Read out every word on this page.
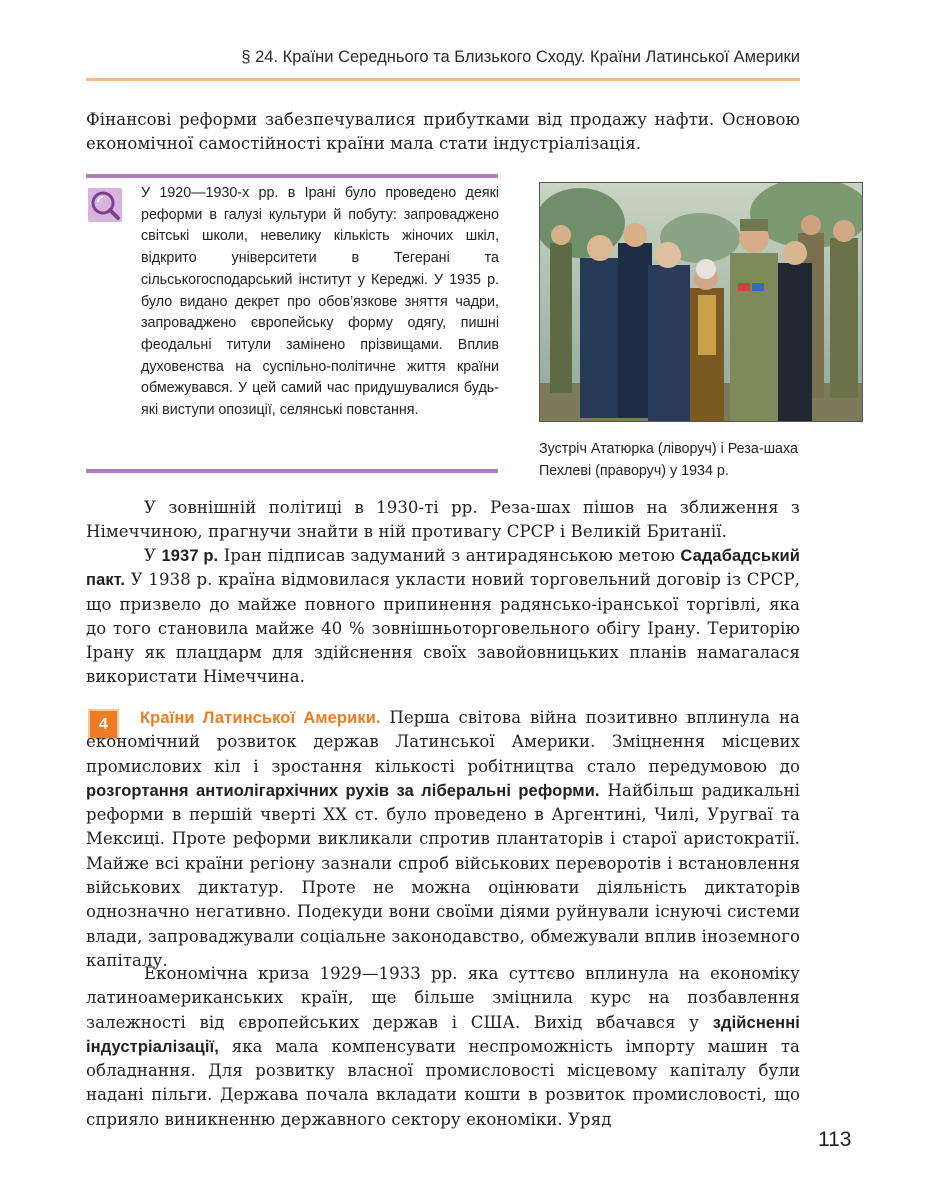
§ 24. Країни Середнього та Близького Сходу. Країни Латинської Америки
Фінансові реформи забезпечувалися прибутками від продажу нафти. Основою економічної самостійності країни мала стати індустріалізація.
У 1920—1930-х рр. в Ірані було проведено деякі реформи в галузі культури й побуту: запроваджено світські школи, невелику кількість жіночих шкіл, відкрито університети в Тегерані та сільськогосподарський інститут у Кереджі. У 1935 р. було видано декрет про обов’язкове зняття чадри, запроваджено європейську форму одягу, пишні феодальні титули замінено прізвищами. Вплив духовенства на суспільно-політичне життя країни обмежувався. У цей самий час придушувалися будь-які виступи опозиції, селянські повстання.
Зустріч Ататюрка (ліворуч) і Реза-шаха
Пехлеві (праворуч) у 1934 р.
У зовнішній політиці в 1930-ті рр. Реза-шах пішов на зближення з Німеччиною, прагнучи знайти в ній противагу СРСР і Великій Британії.
У 1937 р. Іран підписав задуманий з антирадянською метою Садабадський пакт. У 1938 р. країна відмовилася укласти новий торговельний договір із СРСР, що призвело до майже повного припинення радянсько-іранської торгівлі, яка до того становила майже 40 % зовнішньоторговельного обігу Ірану. Територію Ірану як плацдарм для здійснення своїх завойовницьких планів намагалася використати Німеччина.
4	Країни Латинської Америки. Перша світова війна позитивно вплинула на економічний розвиток держав Латинської Америки. Зміцнення місцевих промислових кіл і зростання кількості робітництва стало передумовою до розгортання антиолігархічних рухів за ліберальні реформи. Найбільш радикальні реформи в першій чверті XX ст. було проведено в Аргентині, Чилі, Уругваї та Мексиці. Проте реформи викликали спротив плантаторів і старої аристократії. Майже всі країни регіону зазнали спроб військових переворотів і встановлення військових диктатур. Проте не можна оцінювати діяльність диктаторів однозначно негативно. Подекуди вони своїми діями руйнували існуючі системи влади, запроваджували соціальне законодавство, обмежували вплив іноземного капіталу.
Економічна криза 1929—1933 рр. яка суттєво вплинула на економіку латиноамериканських країн, ще більше зміцнила курс на позбавлення залежності від європейських держав і США. Вихід вбачався у здійсненні індустріалізації, яка мала компенсувати неспроможність імпорту машин та обладнання. Для розвитку власної промисловості місцевому капіталу були надані пільги. Держава почала вкладати кошти в розвиток промисловості, що сприяло виникненню державного сектору економіки. Уряд
113
